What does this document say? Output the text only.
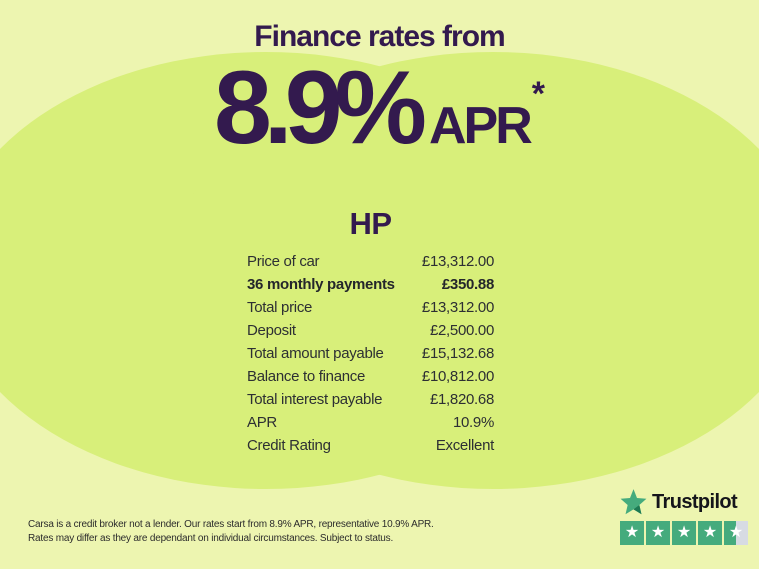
Finance rates from
8.9% APR
*
HP
Price of car	£13,312.00
36 monthly payments	£350.88
Total price	£13,312.00
Deposit	£2,500.00
Total amount payable	£15,132.68
Balance to finance	£10,812.00
Total interest payable	£1,820.68
APR	10.9%
Credit Rating	Excellent
Carsa is a credit broker not a lender. Our rates start from 8.9% APR, representative 10.9% APR.
Rates may differ as they are dependant on individual circumstances. Subject to status.
Trustpilot
★ ★ ★ ★ ★
